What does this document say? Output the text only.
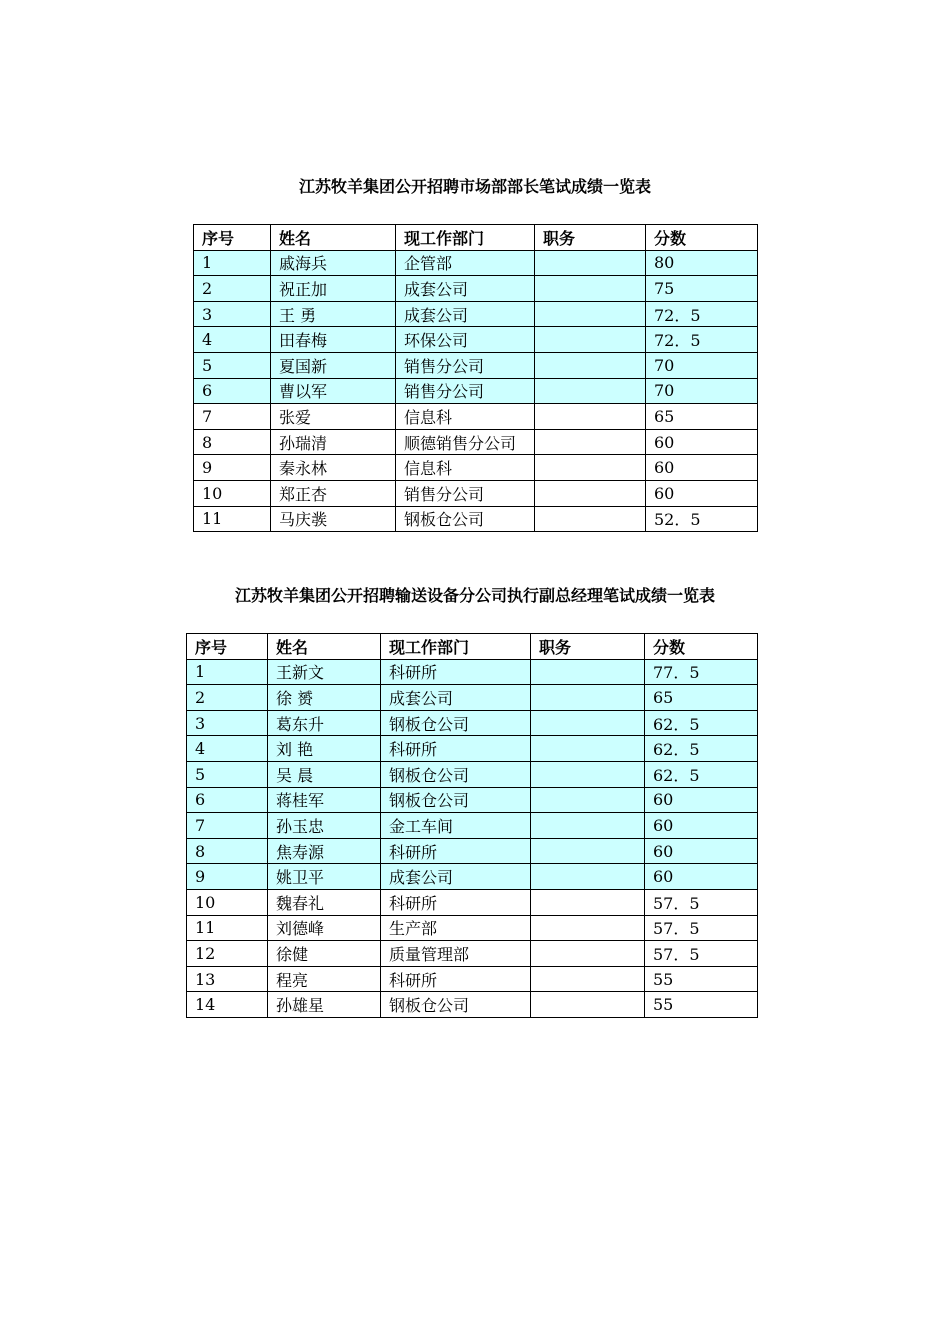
江苏牧羊集团公开招聘市场部部长笔试成绩一览表
序号	姓名	现工作部门	职务	分数
1	戚海兵	企管部		80
2	祝正加	成套公司		75
3	王 勇	成套公司		72．5
4	田春梅	环保公司		72．5
5	夏国新	销售分公司		70
6	曹以军	销售分公司		70
7	张爱	信息科		65
8	孙瑞清	顺德销售分公司		60
9	秦永林	信息科		60
10	郑正杏	销售分公司		60
11	马庆彂	钢板仓公司		52．5
江苏牧羊集团公开招聘输送设备分公司执行副总经理笔试成绩一览表
序号	姓名	现工作部门	职务	分数
1	王新文	科研所		77．5
2	徐 赟	成套公司		65
3	葛东升	钢板仓公司		62．5
4	刘 艳	科研所		62．5
5	吴 晨	钢板仓公司		62．5
6	蒋桂军	钢板仓公司		60
7	孙玉忠	金工车间		60
8	焦寿源	科研所		60
9	姚卫平	成套公司		60
10	魏春礼	科研所		57．5
11	刘德峰	生产部		57．5
12	徐健	质量管理部		57．5
13	程亮	科研所		55
14	孙雄星	钢板仓公司		55
